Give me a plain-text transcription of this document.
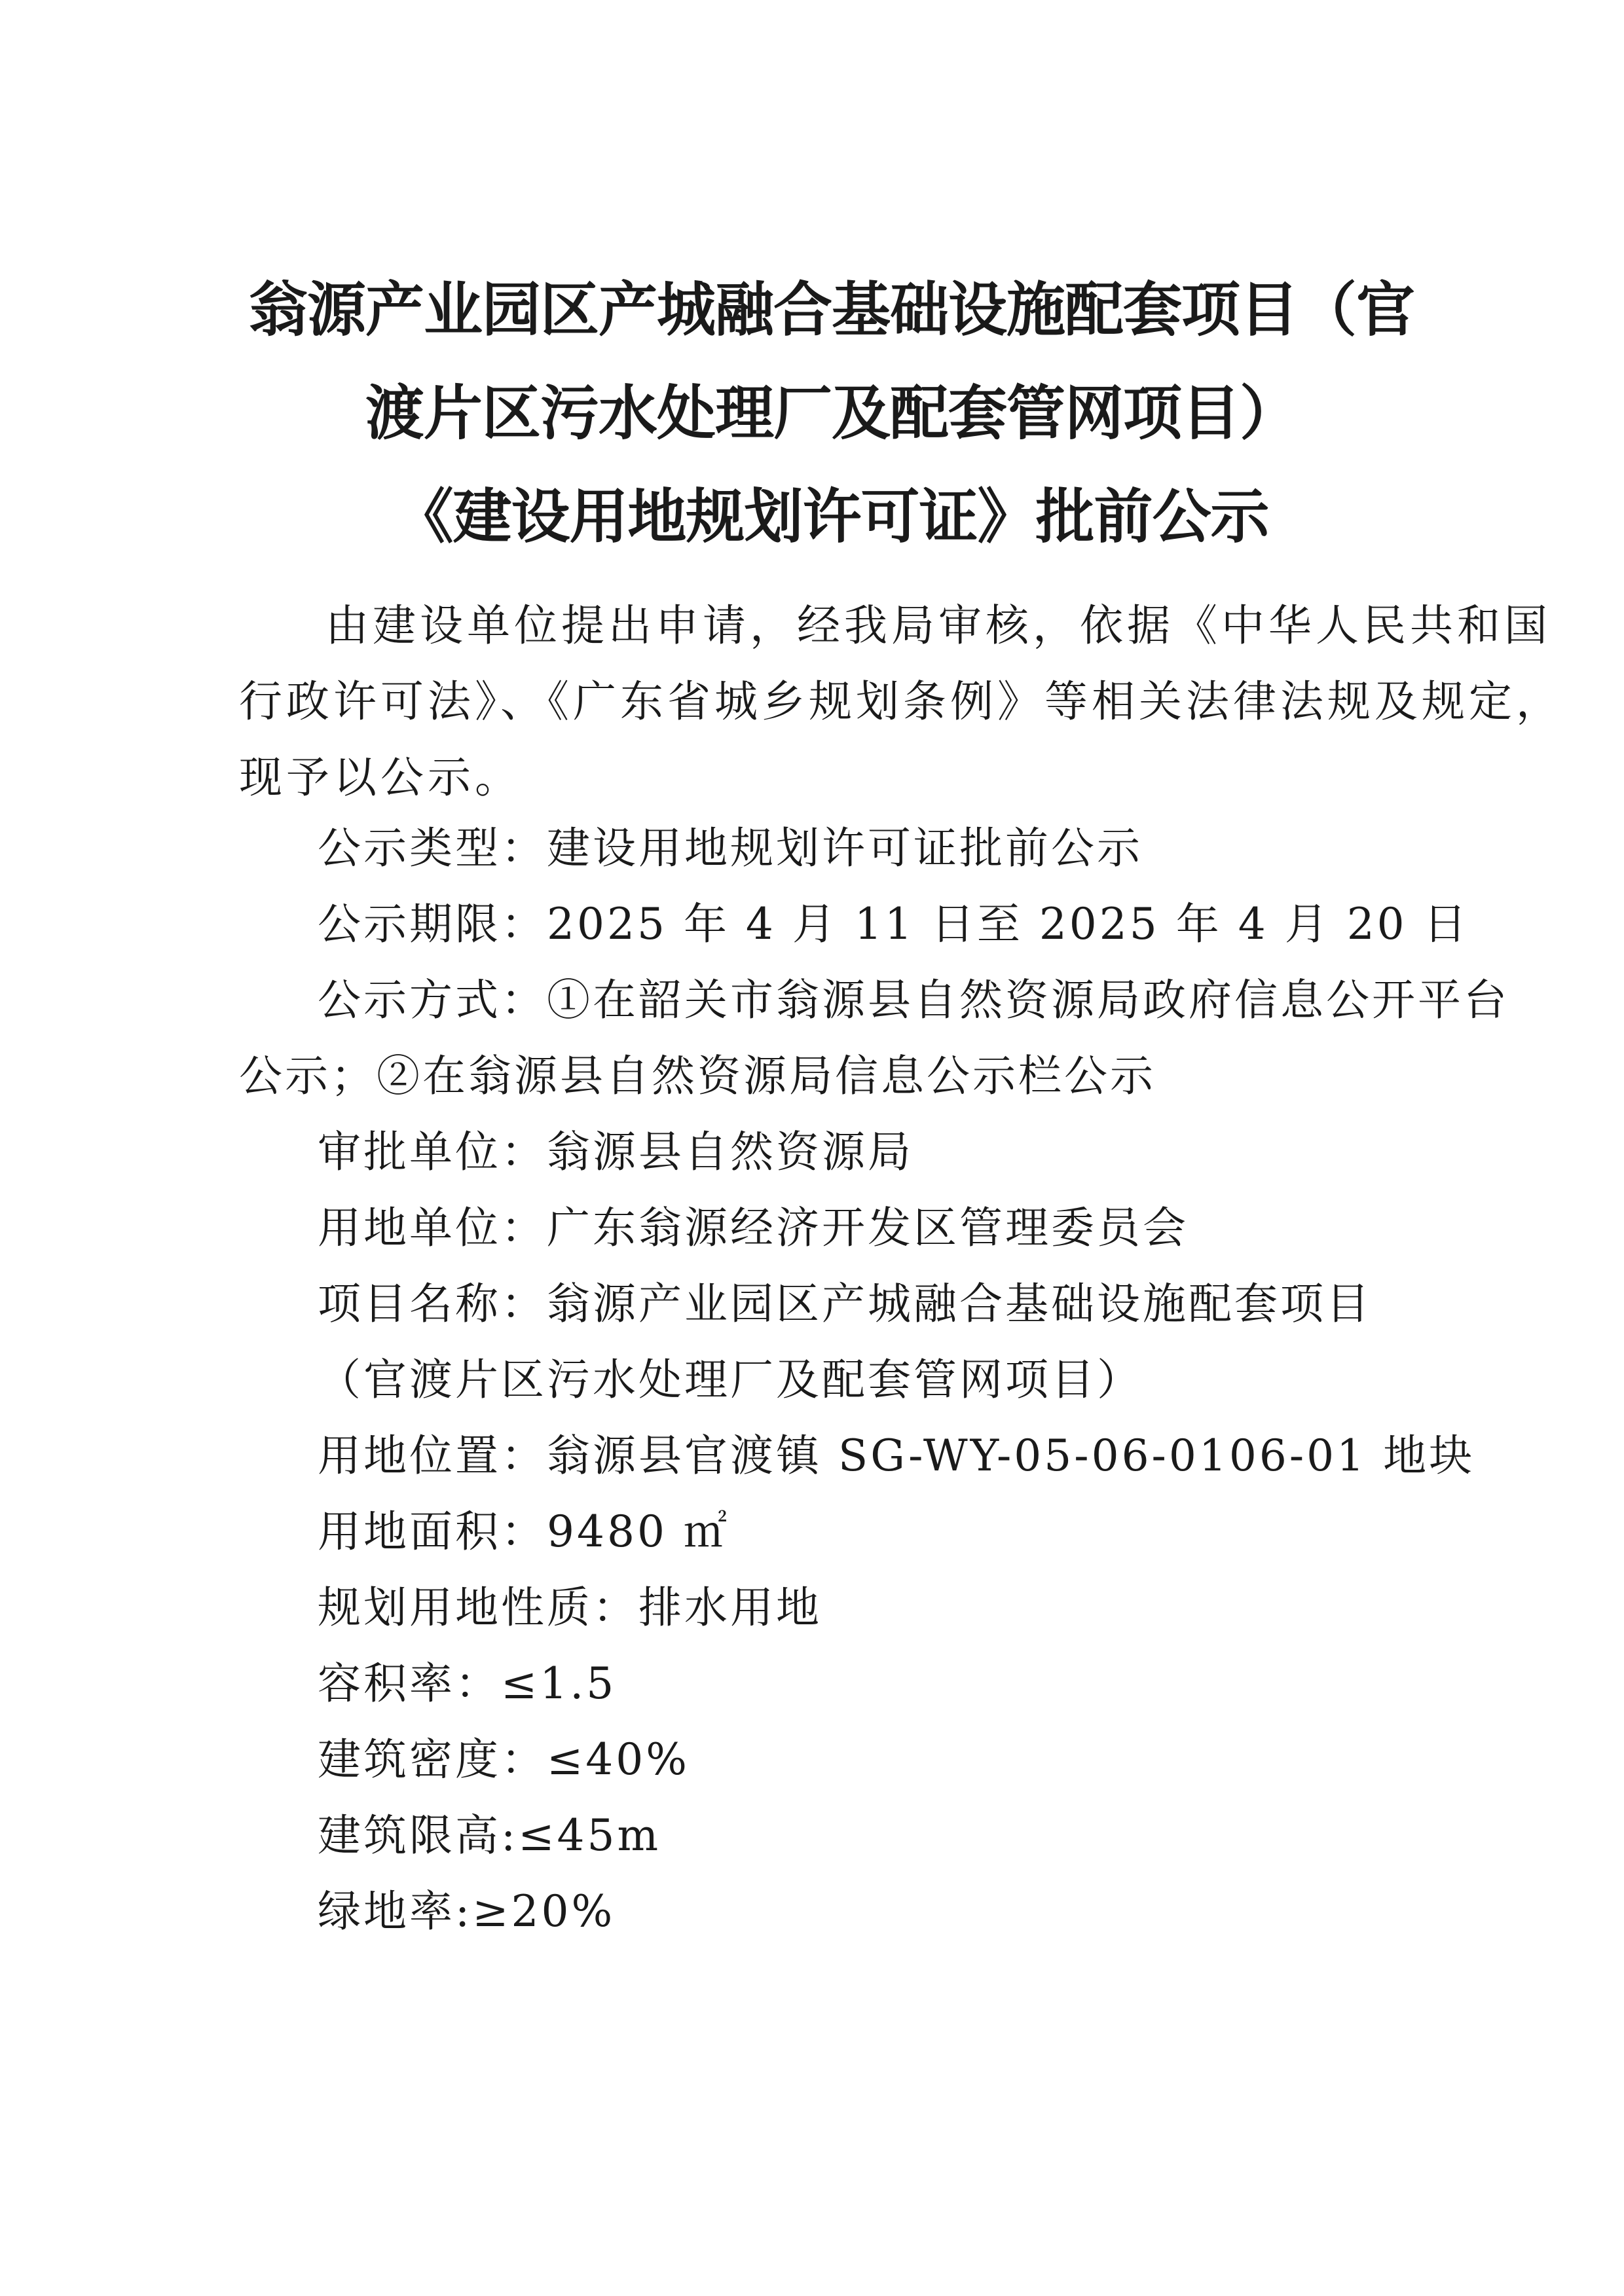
翁源产业园区产城融合基础设施配套项目（官
渡片区污水处理厂及配套管网项目）
《建设用地规划许可证》批前公示
由建设单位提出申请，经我局审核，依据《中华人民共和国
行政许可法》、《广东省城乡规划条例》等相关法律法规及规定，
现予以公示。
公示类型：建设用地规划许可证批前公示
公示期限：2025 年 4 月 11 日至 2025 年 4 月 20 日
公示方式：①在韶关市翁源县自然资源局政府信息公开平台
公示；②在翁源县自然资源局信息公示栏公示
审批单位：翁源县自然资源局
用地单位：广东翁源经济开发区管理委员会
项目名称：翁源产业园区产城融合基础设施配套项目
（官渡片区污水处理厂及配套管网项目）
用地位置：翁源县官渡镇 SG-WY-05-06-0106-01 地块
用地面积：9480 ㎡
规划用地性质：排水用地
容积率：≤1.5
建筑密度：≤40%
建筑限高:≤45m
绿地率:≥20%
